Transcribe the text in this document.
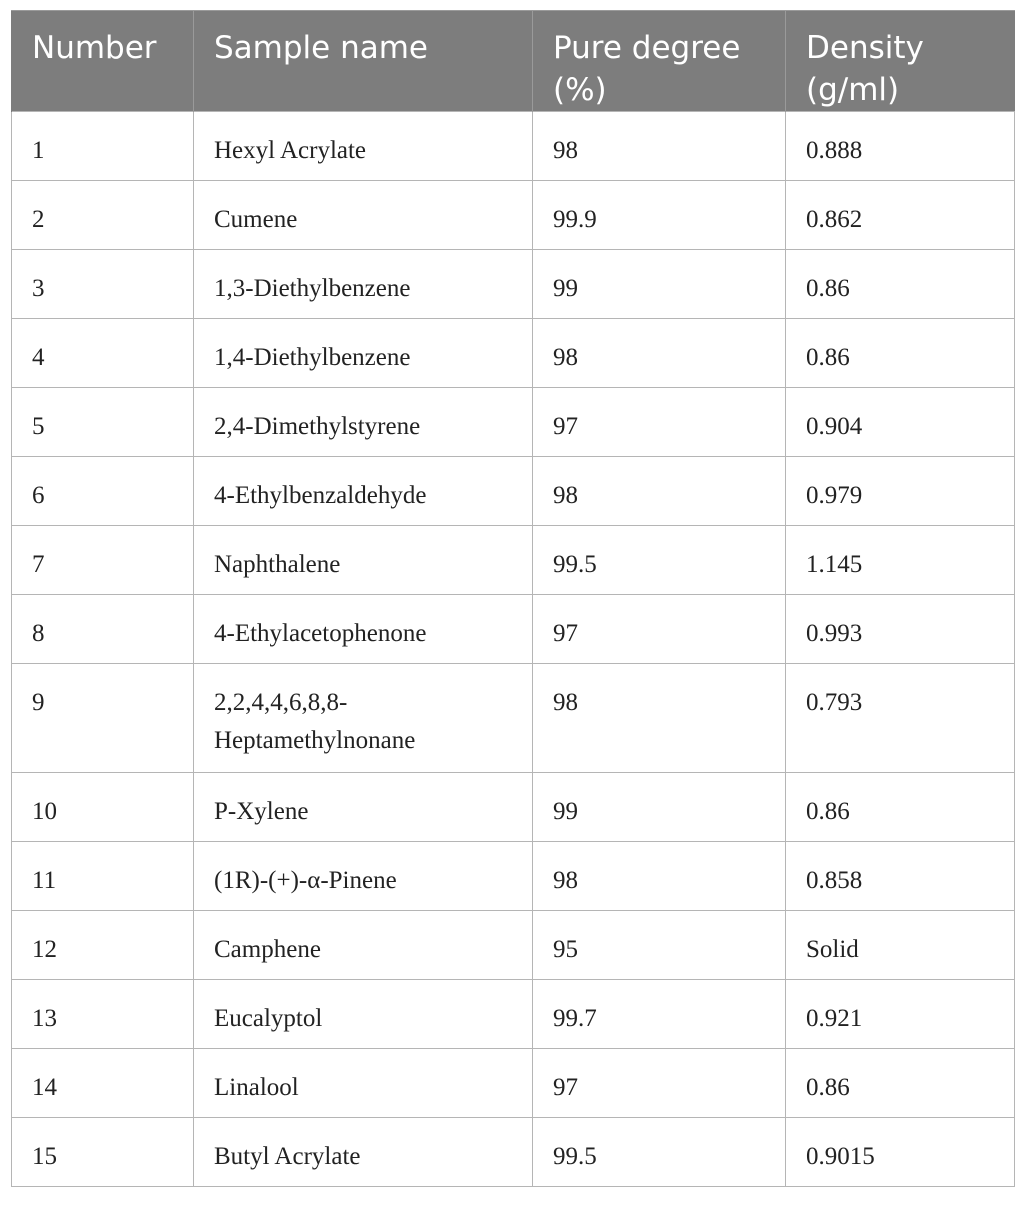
Number	Sample name	Pure degree (%)	Density (g/ml)
1	Hexyl Acrylate	98	0.888
2	Cumene	99.9	0.862
3	1,3-Diethylbenzene	99	0.86
4	1,4-Diethylbenzene	98	0.86
5	2,4-Dimethylstyrene	97	0.904
6	4-Ethylbenzaldehyde	98	0.979
7	Naphthalene	99.5	1.145
8	4-Ethylacetophenone	97	0.993
9	2,2,4,4,6,8,8-Heptamethylnonane	98	0.793
10	P-Xylene	99	0.86
11	(1R)-(+)-α-Pinene	98	0.858
12	Camphene	95	Solid
13	Eucalyptol	99.7	0.921
14	Linalool	97	0.86
15	Butyl Acrylate	99.5	0.9015
